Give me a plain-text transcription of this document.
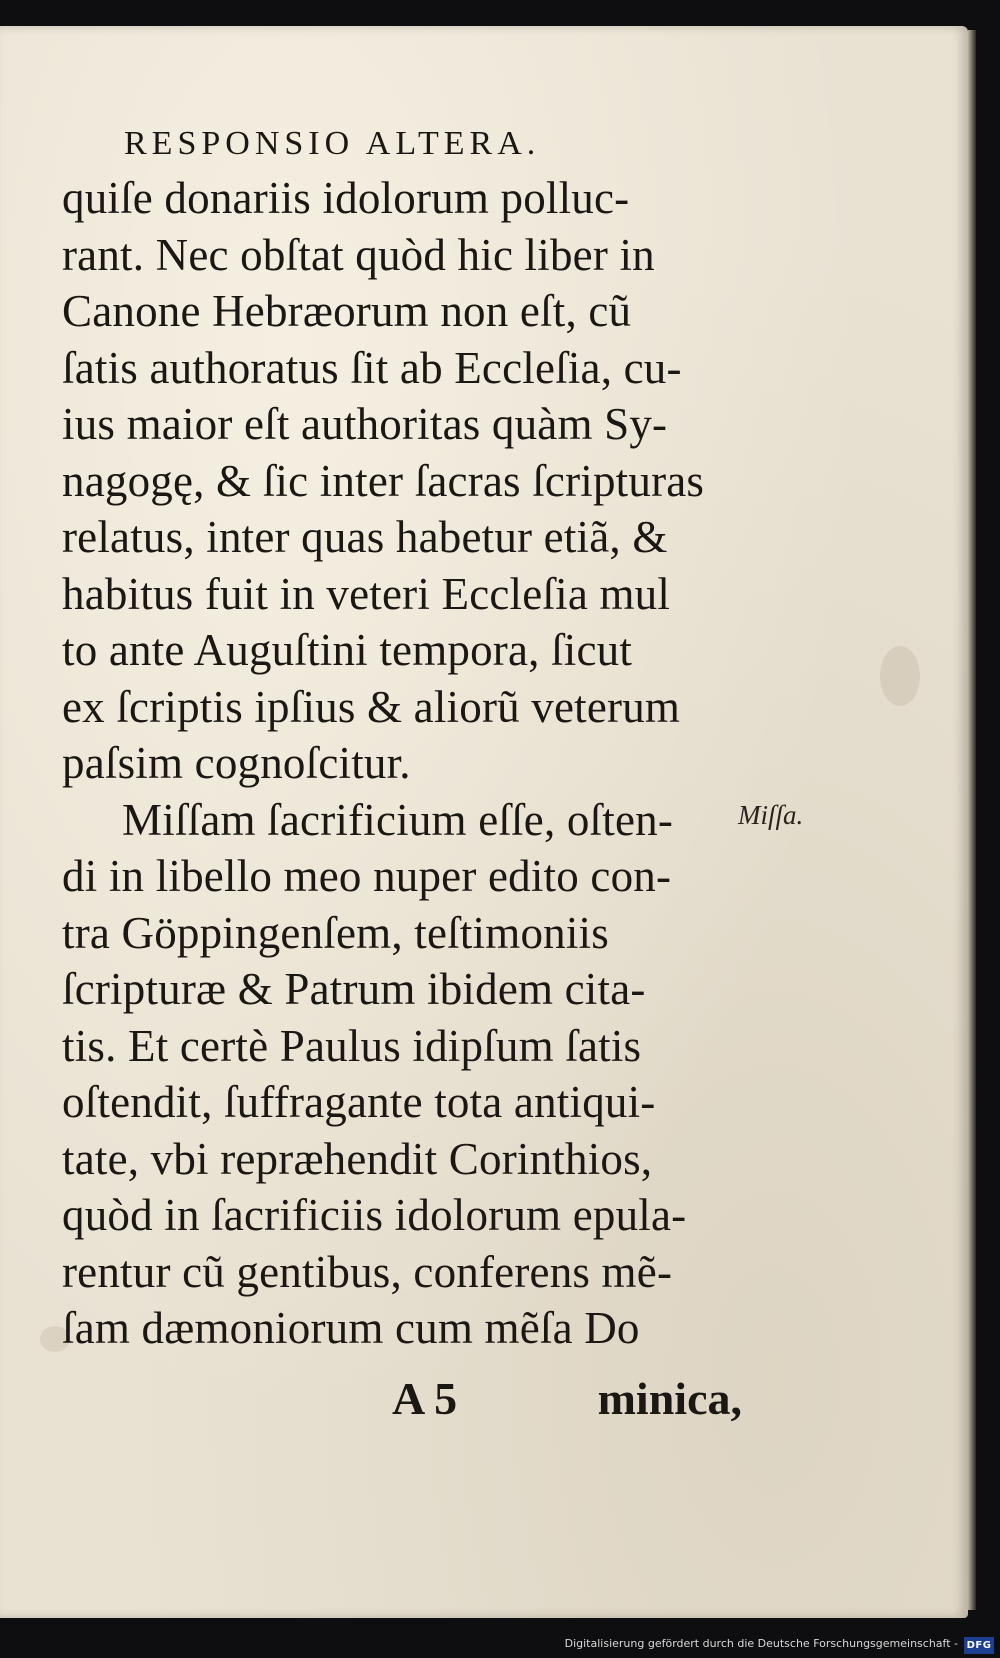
RESPONSIO ALTERA.
quiſe donariis idolorum polluc-
rant. Nec obſtat quòd hic liber in
Canone Hebræorum non eſt, cũ
ſatis authoratus ſit ab Eccleſia, cu-
ius maior eſt authoritas quàm Sy-
nagogę, & ſic inter ſacras ſcripturas
relatus, inter quas habetur etiã, &
habitus fuit in veteri Eccleſia mul
to ante Auguſtini tempora, ſicut
ex ſcriptis ipſius & aliorũ veterum
paſsim cognoſcitur.
Miſſam ſacrificium eſſe, oſten-
di in libello meo nuper edito con-
tra Göppingenſem, teſtimoniis
ſcripturæ & Patrum ibidem cita-
tis. Et certè Paulus idipſum ſatis
oſtendit, ſuffragante tota antiqui-
tate, vbi repræhendit Corinthios,
quòd in ſacrificiis idolorum epula-
rentur cũ gentibus, conferens mẽ-
ſam dæmoniorum cum mẽſa Do
Miſſa.
A 5	minica,
Digitalisierung gefördert durch die Deutsche Forschungsgemeinschaft - DFG
